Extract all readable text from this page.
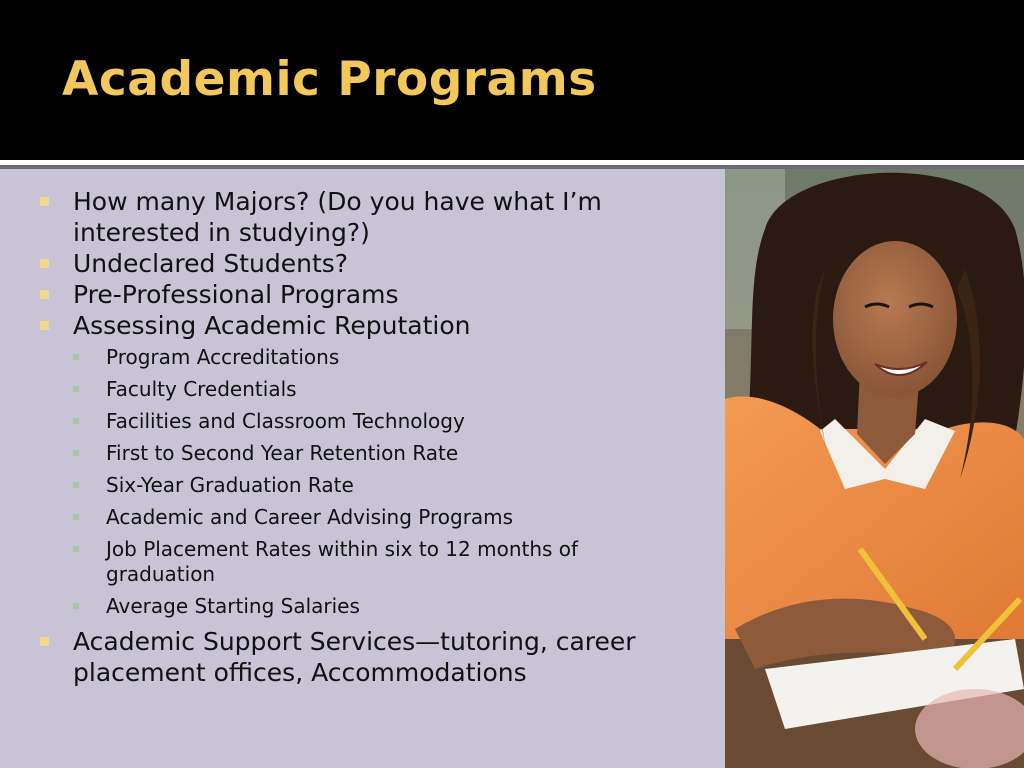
Academic Programs
How many Majors? (Do you have what I’m interested in studying?)
Undeclared Students?
Pre-Professional Programs
Assessing Academic Reputation
Program Accreditations
Faculty Credentials
Facilities and Classroom Technology
First to Second Year Retention Rate
Six-Year Graduation Rate
Academic and Career Advising Programs
Job Placement Rates within six to 12 months of graduation
Average Starting Salaries
Academic Support Services—tutoring, career placement offices, Accommodations
